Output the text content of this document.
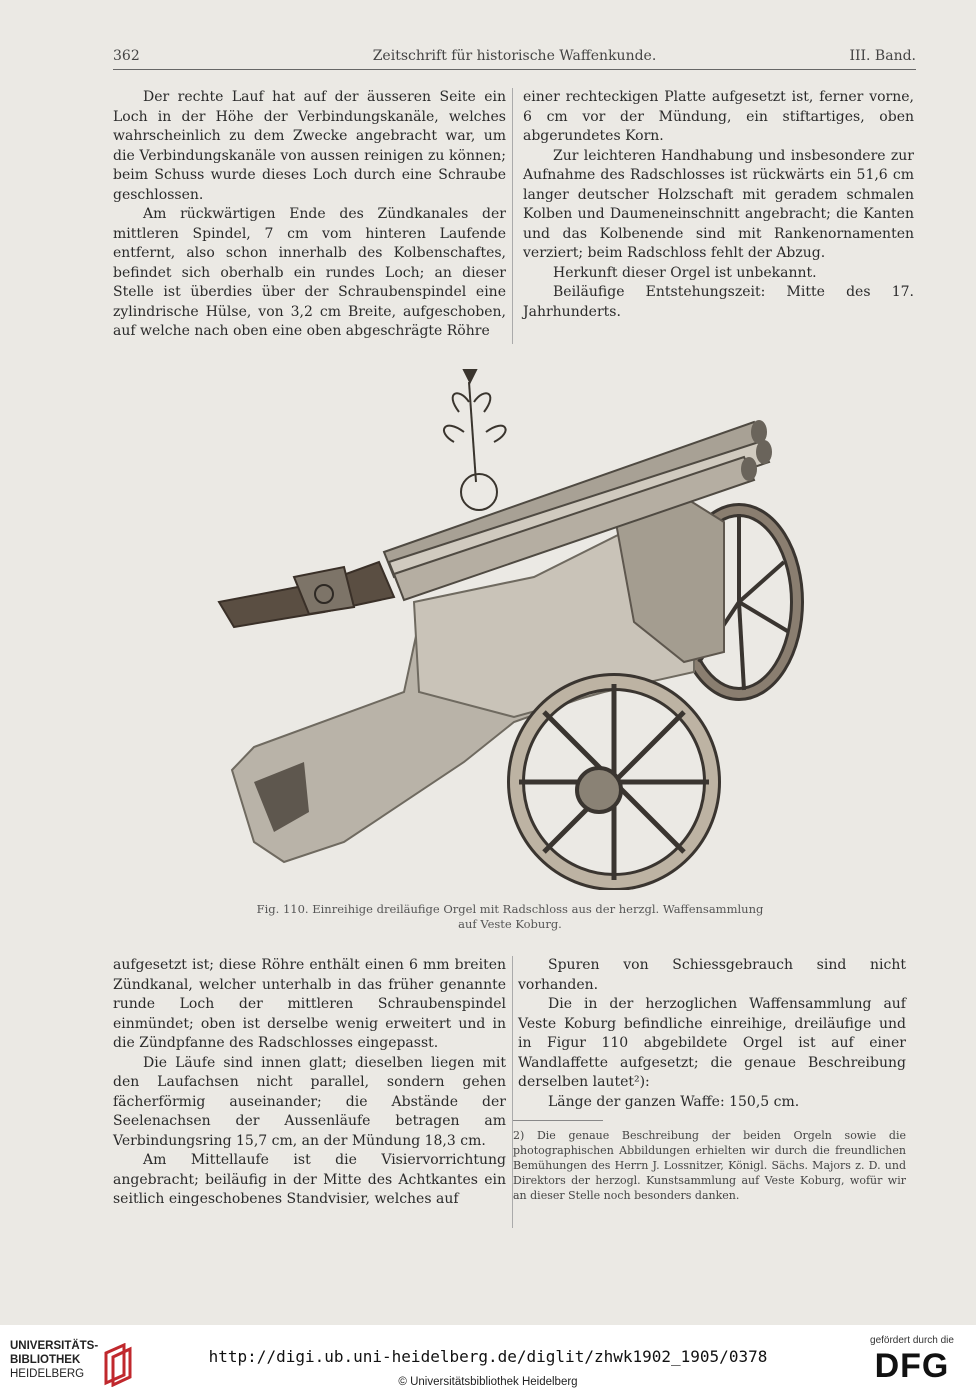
362	Zeitschrift für historische Waffenkunde.	III. Band.

Der rechte Lauf hat auf der äusseren Seite ein Loch in der Höhe der Verbindungskanäle, welches wahrscheinlich zu dem Zwecke angebracht war, um die Verbindungskanäle von aussen reinigen zu können; beim Schuss wurde dieses Loch durch eine Schraube geschlossen.

Am rückwärtigen Ende des Zündkanales der mittleren Spindel, 7 cm vom hinteren Laufende entfernt, also schon innerhalb des Kolbenschaftes, befindet sich oberhalb ein rundes Loch; an dieser Stelle ist überdies über der Schraubenspindel eine zylindrische Hülse, von 3,2 cm Breite, aufgeschoben, auf welche nach oben eine oben abgeschrägte Röhre

einer rechteckigen Platte aufgesetzt ist, ferner vorne, 6 cm vor der Mündung, ein stiftartiges, oben abgerundetes Korn.

Zur leichteren Handhabung und insbesondere zur Aufnahme des Radschlosses ist rückwärts ein 51,6 cm langer deutscher Holzschaft mit geradem schmalen Kolben und Daumeneinschnitt angebracht; die Kanten und das Kolbenende sind mit Rankenornamenten verziert; beim Radschloss fehlt der Abzug.

Herkunft dieser Orgel ist unbekannt.

Beiläufige Entstehungszeit: Mitte des 17. Jahrhunderts.

Fig. 110. Einreihige dreiläufige Orgel mit Radschloss aus der herzgl. Waffensammlung
auf Veste Koburg.

aufgesetzt ist; diese Röhre enthält einen 6 mm breiten Zündkanal, welcher unterhalb in das früher genannte runde Loch der mittleren Schraubenspindel einmündet; oben ist derselbe wenig erweitert und in die Zündpfanne des Radschlosses eingepasst.

Die Läufe sind innen glatt; dieselben liegen mit den Laufachsen nicht parallel, sondern gehen fächerförmig auseinander; die Abstände der Seelenachsen der Aussenläufe betragen am Verbindungsring 15,7 cm, an der Mündung 18,3 cm.

Am Mittellaufe ist die Visiervorrichtung angebracht; beiläufig in der Mitte des Achtkantes ein seitlich eingeschobenes Standvisier, welches auf

Spuren von Schiessgebrauch sind nicht vorhanden.

Die in der herzoglichen Waffensammlung auf Veste Koburg befindliche einreihige, dreiläufige und in Figur 110 abgebildete Orgel ist auf einer Wandlaffette aufgesetzt; die genaue Beschreibung derselben lautet²):

Länge der ganzen Waffe: 150,5 cm.

2) Die genaue Beschreibung der beiden Orgeln sowie die photographischen Abbildungen erhielten wir durch die freundlichen Bemühungen des Herrn J. Lossnitzer, Königl. Sächs. Majors z. D. und Direktors der herzogl. Kunstsammlung auf Veste Koburg, wofür wir an dieser Stelle noch besonders danken.
UNIVERSITÄTS-
BIBLIOTHEK
HEIDELBERG
http://digi.ub.uni-heidelberg.de/diglit/zhwk1902_1905/0378
© Universitätsbibliothek Heidelberg
gefördert durch die
DFG
